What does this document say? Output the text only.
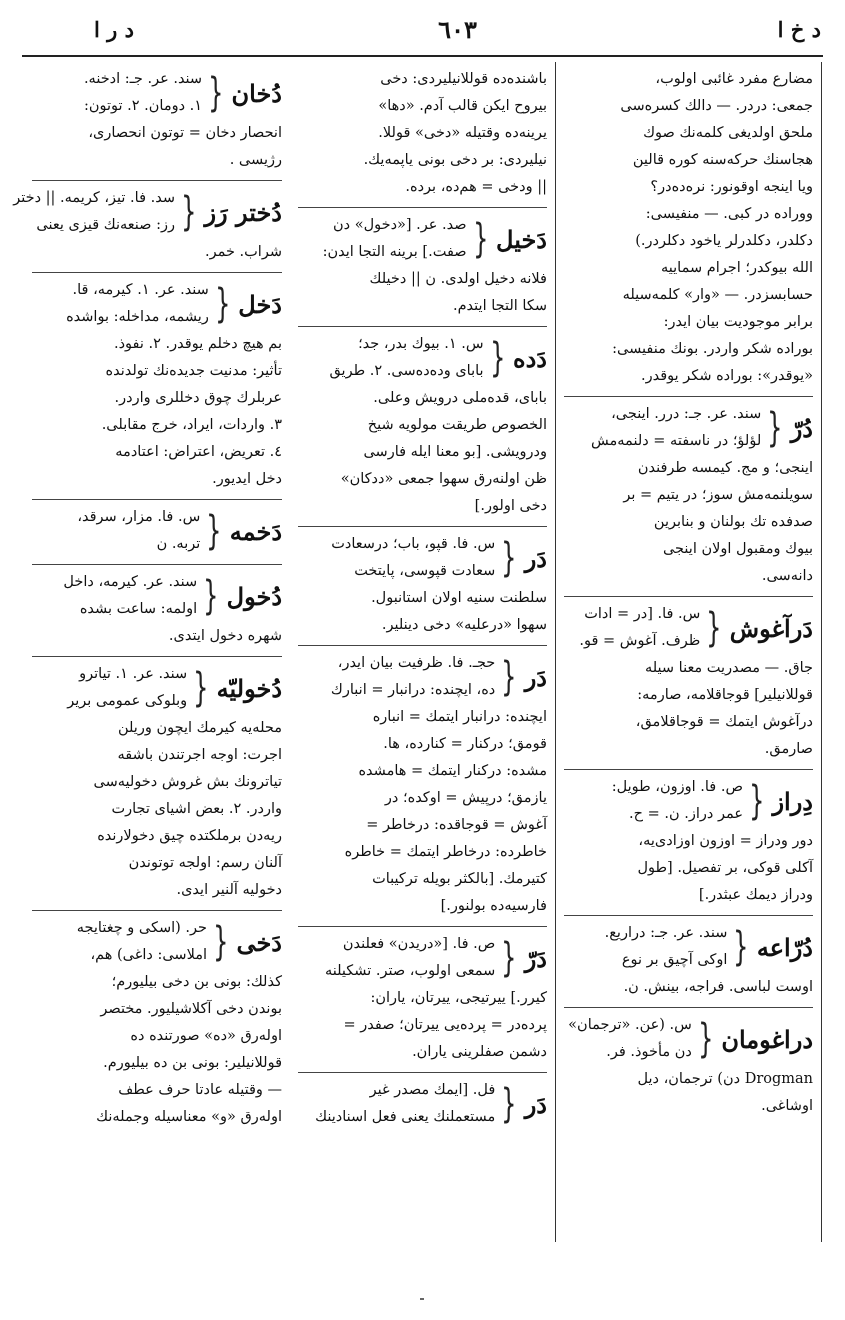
د خ ا
٦٠٣
د ر ا
دُخان
{
سند. عر. جـ: ادخنه.
۱. دومان. ۲. توتون:
انحصار دخان = توتون انحصاری،
رژیسی .
دُختر رَز
{
سد. فا. تیز، کریمه. || دختر
رز: صنعه‌نك قیزی یعنی
شراب. خمر.
دَخل
{
سند. عر. ۱. کیرمه، قا.
ریشمه، مداخله: بواشده
بم هیچ دخلم یوقدر. ۲. نفوذ.
تأثیر: مدنیت جدیده‌نك تولدنده
عربلرك چوق دخللری واردر.
۳. واردات، ایراد، خرج مقابلی.
٤. تعریض، اعتراض: اعتادمه
دخل ایدیور.
دَخمه
{
س. فا. مزار، سرقد،
تربه. ن
دُخول
{
سند. عر. کیرمه، داخل
اولمه: ساعت بشده
شهره دخول ایتدی.
دُخولیّه
{
سند. عر. ۱. تیاترو
وبلوکی عمومی بریر
محله‌یه کیرمك ایچون وریلن
اجرت: اوجه اجرتندن باشقه
تیاترونك بش غروش دخولیه‌سی
واردر. ۲. بعض اشیای تجارت
ریه‌دن برملکتده چیق دخولارنده
آلنان رسم: اولجه توتوندن
دخولیه آلنیر ایدی.
دَخی
{
حر. (اسکی و چغتایجه
املاسی: داغی) هم،
کذلك: بونی بن دخی بیلیورم؛
بوندن دخی آکلاشیلیور. مختصر
اولەرق «ده» صورتنده ده
قوللانیلیر: بونی بن ده بیلیورم.
— وقتیله عادتا حرف عطف
اوله‌رق «و» معناسیله وجمله‌نك
باشنده‌ده قوللانیلیردی: دخی
بیروح ایکن قالب آدم. «دها»
یرینه‌ده وقتیله «دخی» قوللا.
نیلیردی: بر دخی بونی یاپمه‌یك.
|| ودخی = هم‌ده، برده.
دَخیل
{
صد. عر. [«دخول» دن
صفت.] برینه التجا ایدن:
فلانه دخیل اولدی. ن || دخیلك
سكا التجا ایتدم.
دَده
{
س. ۱. بیوك بدر، جد؛
بابای وده‌دەسی. ۲. طریق
بابای، قدەملی درویش وعلی.
الخصوص طریقت مولویه شیخ
ودرویشی. [بو معنا ایله فارسی
ظن اولنه‌رق سهوا جمعی «ددکان»
دخی اولور.]
دَر
{
س. فا. قپو، باب؛ درسعادت
سعادت قپوسی، پایتخت
سلطنت سنیه اولان استانبول.
سهوا «درعلیه» دخی دینلیر.
دَر
{
حجـ. فا. ظرفیت بیان ایدر،
ده، ایچنده: درانبار = انبارك
ایچنده: درانبار ایتمك = انباره
قومق؛ درکنار = کنارده، ها.
مشده: درکنار ایتمك = هامشده
یازمق؛ درپیش = اوکده؛ در
آغوش = قوجاقده: درخاطر =
خاطرده: درخاطر ایتمك = خاطره
کتیرمك. [بالکثر بویله ترکیبات
فارسیه‌ده بولنور.]
دَرّ
{
ص. فا. [«دریدن» فعلندن
سمعی اولوب، صتر. تشکیلنه
کیرر.] ییرتیجی، ییرتان، یاران:
پرده‌در = پرده‌یی ییرتان؛ صفدر =
دشمن صفلرینی یاران.
دَر
{
فل. [ایمك مصدر غیر
مستعملنك یعنی فعل اسنادینك
مضارع مفرد غائبی اولوب،
جمعی: دردر. — دالك کسره‌سی
ملحق اولدیغی کلمه‌نك صوك
هجاسنك حرکه‌سنه کوره قالین
ویا اینجه اوقونور: نره‌ده‌در؟
ووراده در کبی. — منفیسی:
دکلدر، دکلدرلر یاخود دکلردر.)
الله بیوکدر؛ اجرام سماییه
حسابسزدر. — «وار» کلمه‌سیله
برابر موجودیت بیان ایدر:
بوراده شکر واردر. بونك منفیسی:
«یوقدر»: بوراده شکر یوقدر.
دُرّ
{
سند. عر. جـ: درر. اینجی،
لؤلؤ؛ در ناسفته = دلنمه‌مش
اینجی؛ و مج. کیمسه طرفندن
سویلنمه‌مش سوز؛ در یتیم = بر
صدفده تك بولنان و بنابرین
بیوك ومقبول اولان اینجی
دانه‌سی.
دَرآغوش
{
س. فا. [در = ادات
ظرف. آغوش = قو.
جاق. — مصدریت معنا سیله
قوللانیلیر] قوجاقلامه، صارمه:
درآغوش ایتمك = قوجاقلامق،
صارمق.
دِراز
{
ص. فا. اوزون، طویل:
عمر دراز. ن. = ح.
دور ودراز = اوزون اوزادی‌یه،
آکلی قوکی، بر تفصیل. [طول
ودراز دیمك عبثدر.]
دُرّاعه
{
سند. عر. جـ: دراریع.
اوکی آچیق بر نوع
اوست لباسی. فراجه، بینش. ن.
دراغومان
{
س. (عن. «ترجمان»
دن مأخوذ. فر.
Drogman دن) ترجمان، دیل
اوشاغی.
